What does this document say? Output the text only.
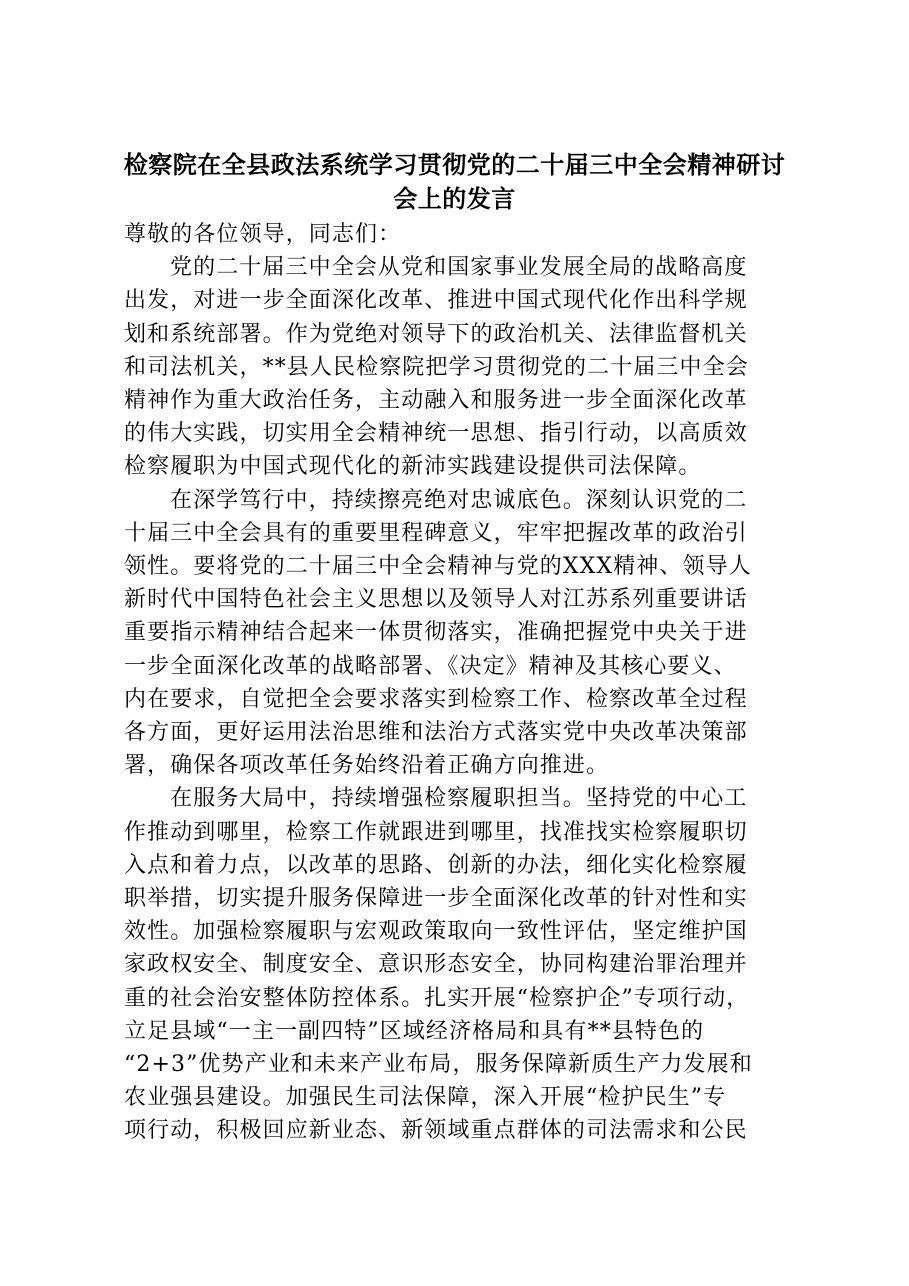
检察院在全县政法系统学习贯彻党的二十届三中全会精神研讨
会上的发言
尊敬的各位领导，同志们：
党的二十届三中全会从党和国家事业发展全局的战略高度
出发，对进一步全面深化改革、推进中国式现代化作出科学规
划和系统部署。作为党绝对领导下的政治机关、法律监督机关
和司法机关，**县人民检察院把学习贯彻党的二十届三中全会
精神作为重大政治任务，主动融入和服务进一步全面深化改革
的伟大实践，切实用全会精神统一思想、指引行动，以高质效
检察履职为中国式现代化的新沛实践建设提供司法保障。
在深学笃行中，持续擦亮绝对忠诚底色。深刻认识党的二
十届三中全会具有的重要里程碑意义，牢牢把握改革的政治引
领性。要将党的二十届三中全会精神与党的XXX精神、领导人
新时代中国特色社会主义思想以及领导人对江苏系列重要讲话
重要指示精神结合起来一体贯彻落实，准确把握党中央关于进
一步全面深化改革的战略部署、《决定》精神及其核心要义、
内在要求，自觉把全会要求落实到检察工作、检察改革全过程
各方面，更好运用法治思维和法治方式落实党中央改革决策部
署，确保各项改革任务始终沿着正确方向推进。
在服务大局中，持续增强检察履职担当。坚持党的中心工
作推动到哪里，检察工作就跟进到哪里，找准找实检察履职切
入点和着力点，以改革的思路、创新的办法，细化实化检察履
职举措，切实提升服务保障进一步全面深化改革的针对性和实
效性。加强检察履职与宏观政策取向一致性评估，坚定维护国
家政权安全、制度安全、意识形态安全，协同构建治罪治理并
重的社会治安整体防控体系。扎实开展“检察护企”专项行动，
立足县域“一主一副四特”区域经济格局和具有**县特色的
“2+3”优势产业和未来产业布局，服务保障新质生产力发展和
农业强县建设。加强民生司法保障，深入开展“检护民生”专
项行动，积极回应新业态、新领域重点群体的司法需求和公民
